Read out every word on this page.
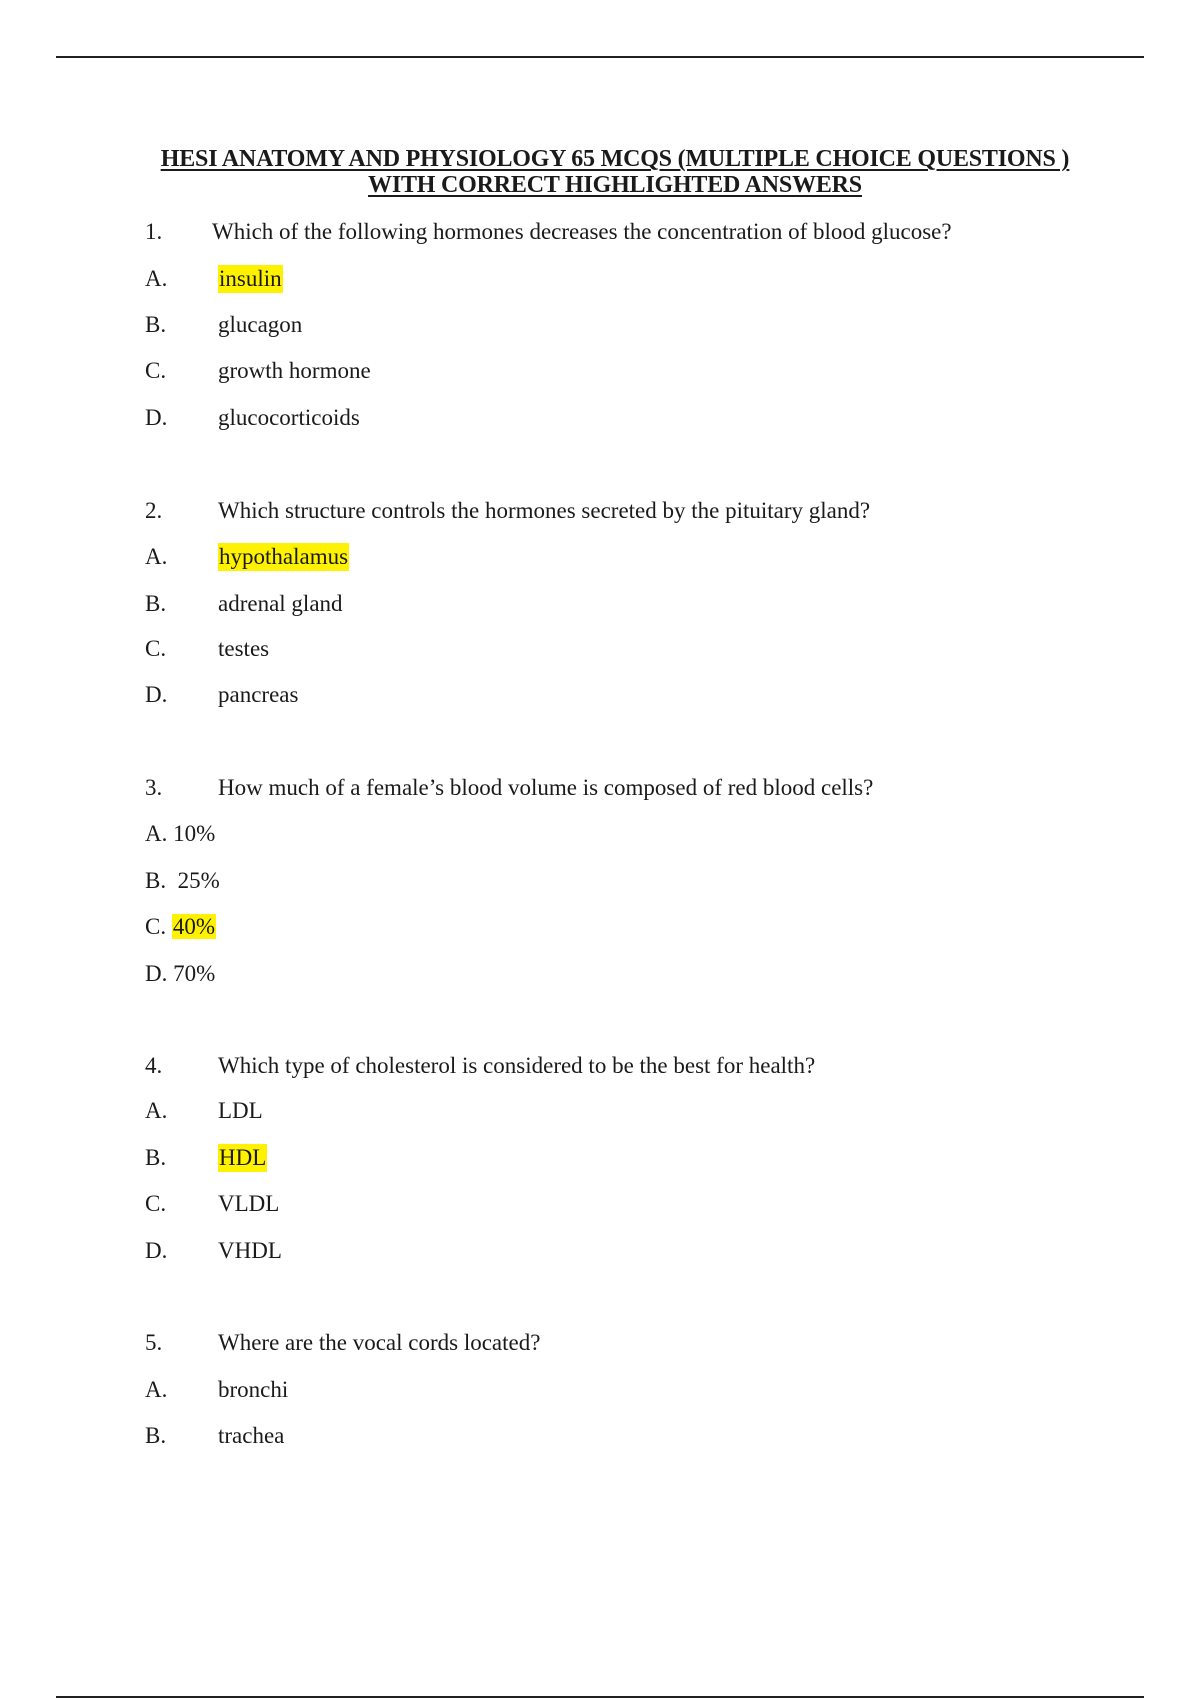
HESI ANATOMY AND PHYSIOLOGY 65 MCQS (MULTIPLE CHOICE QUESTIONS )
WITH CORRECT HIGHLIGHTED ANSWERS
1. Which of the following hormones decreases the concentration of blood glucose?
A. insulin
B. glucagon
C. growth hormone
D. glucocorticoids
2. Which structure controls the hormones secreted by the pituitary gland?
A. hypothalamus
B. adrenal gland
C. testes
D. pancreas
3. How much of a female’s blood volume is composed of red blood cells?
A. 10%
B. 25%
C. 40%
D. 70%
4. Which type of cholesterol is considered to be the best for health?
A. LDL
B. HDL
C. VLDL
D. VHDL
5. Where are the vocal cords located?
A. bronchi
B. trachea
